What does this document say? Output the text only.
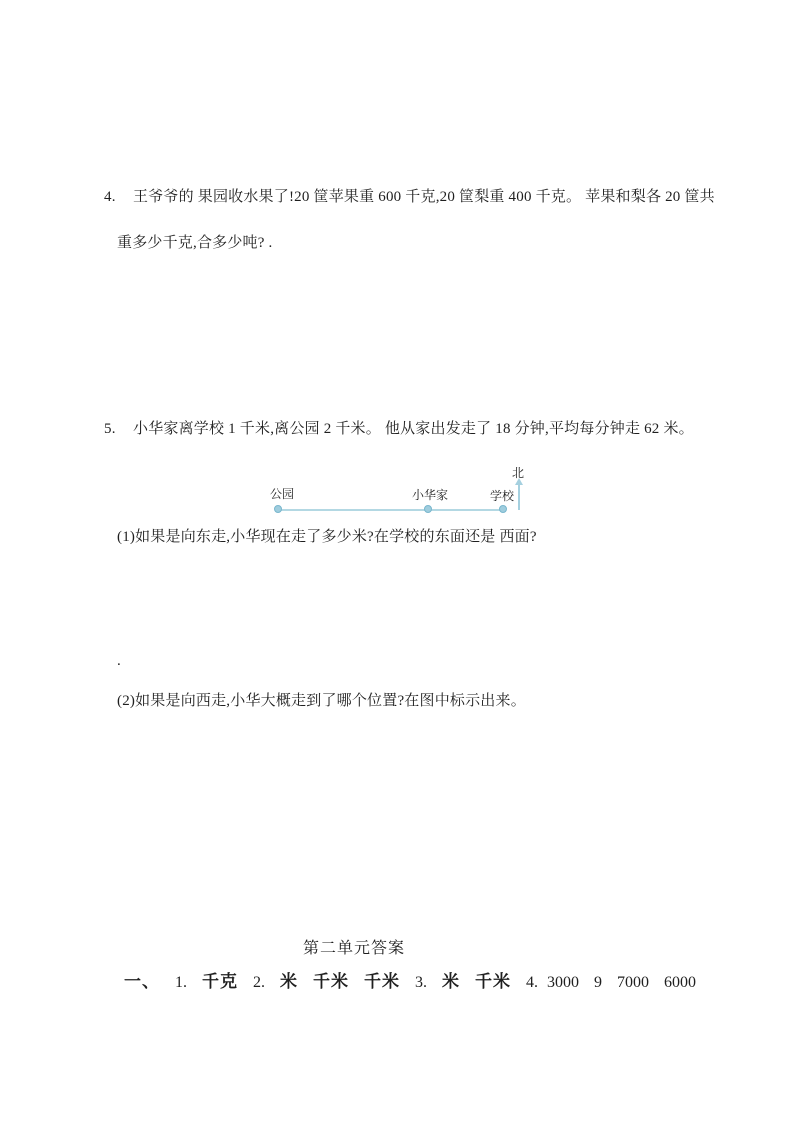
4. 王爷爷的 果园收水果了!20 筐苹果重 600 千克,20 筐梨重 400 千克。 苹果和梨各 20 筐共
重多少千克,合多少吨? .
5. 小华家离学校 1 千米,离公园 2 千米。 他从家出发走了 18 分钟,平均每分钟走 62 米。
公园	小华家	学校
北
(1)如果是向东走,小华现在走了多少米?在学校的东面还是 西面?
.
(2)如果是向西走,小华大概走到了哪个位置?在图中标示出来。
第二单元答案
一、 1. 千克 2. 米 千米 千米 3. 米 千米 4. 3000 9 7000 6000
